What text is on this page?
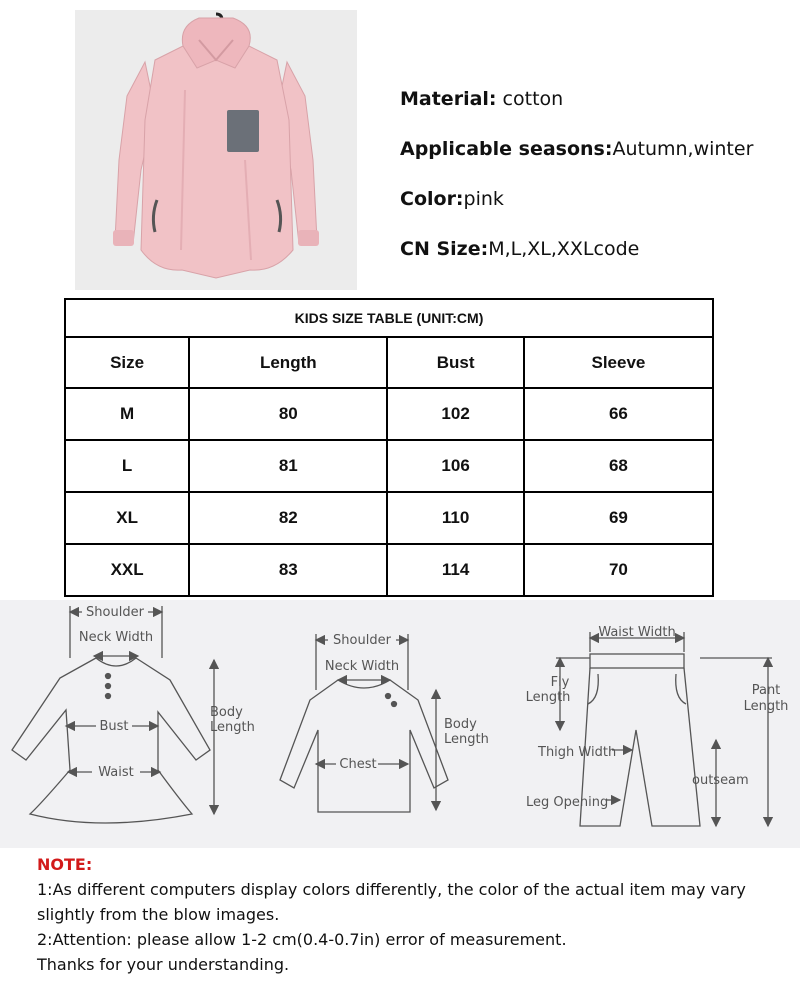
Material: cotton

Applicable seasons:Autumn,winter

Color:pink

CN Size:M,L,XL,XXLcode

KIDS SIZE TABLE (UNIT:CM)			
Size	Length	Bust	Sleeve
M	80	102	66
L	81	106	68
XL	82	110	69
XXL	83	114	70
Shoulder
Neck Width
Bust
Waist
Body
Length
Shoulder
Neck Width
Chest
Body
Length
Waist Width
Fly
Length	Pant
Length
Thigh Width
outseam
Leg Opening

NOTE:

1:As different computers display colors differently, the color of the actual item may vary slightly from the blow images.

2:Attention: please allow 1-2 cm(0.4-0.7in) error of measurement.

Thanks for your understanding.
